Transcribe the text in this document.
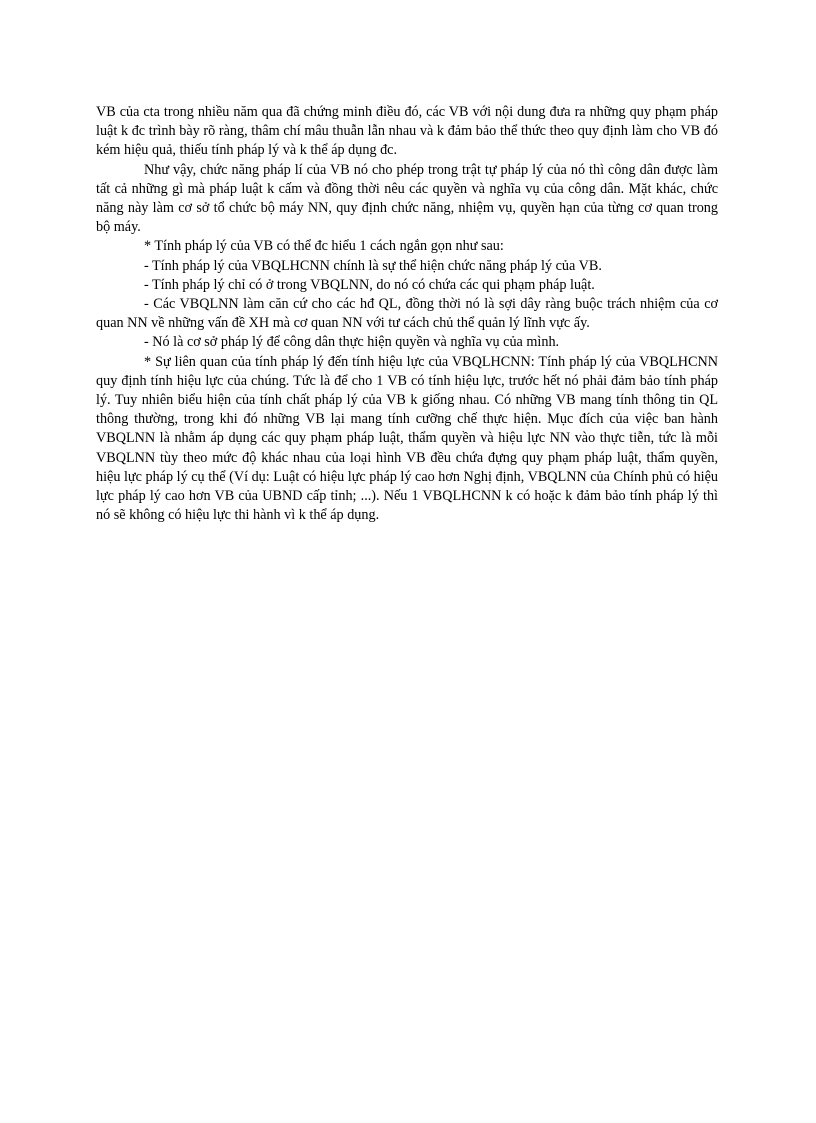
VB của cta trong nhiều năm qua đã chứng minh điều đó, các VB với nội dung đưa ra những quy phạm pháp luật k đc trình bày rõ ràng, thâm chí mâu thuẫn lẫn nhau và k đảm bảo thể thức theo quy định làm cho VB đó kém hiệu quả, thiếu tính pháp lý và k thể áp dụng đc.

Như vậy, chức năng pháp lí của VB nó cho phép trong trật tự pháp lý của nó thì công dân được làm tất cả những gì mà pháp luật k cấm và đồng thời nêu các quyền và nghĩa vụ của công dân. Mặt khác, chức năng này làm cơ sở tổ chức bộ máy NN, quy định chức năng, nhiệm vụ, quyền hạn của từng cơ quan trong bộ máy.

* Tính pháp lý của VB có thể đc hiểu 1 cách ngắn gọn như sau:

- Tính pháp lý của VBQLHCNN chính là sự thể hiện chức năng pháp lý của VB.

- Tính pháp lý chỉ có ở trong VBQLNN, do nó có chứa các qui phạm pháp luật.

- Các VBQLNN làm căn cứ cho các hđ QL, đồng thời nó là sợi dây ràng buộc trách nhiệm của cơ quan NN về những vấn đề XH mà cơ quan NN với tư cách chủ thể quản lý lĩnh vực ấy.

- Nó là cơ sở pháp lý để công dân thực hiện quyền và nghĩa vụ của mình.

* Sự liên quan của tính pháp lý đến tính hiệu lực của VBQLHCNN: Tính pháp lý của VBQLHCNN quy định tính hiệu lực của chúng. Tức là để cho 1 VB có tính hiệu lực, trước hết nó phải đảm bảo tính pháp lý. Tuy nhiên biểu hiện của tính chất pháp lý của VB k giống nhau. Có những VB mang tính thông tin QL thông thường, trong khi đó những VB lại mang tính cưỡng chế thực hiện. Mục đích của việc ban hành VBQLNN là nhằm áp dụng các quy phạm pháp luật, thẩm quyền và hiệu lực NN vào thực tiễn, tức là mỗi VBQLNN tùy theo mức độ khác nhau của loại hình VB đều chứa đựng quy phạm pháp luật, thẩm quyền, hiệu lực pháp lý cụ thể (Ví dụ: Luật có hiệu lực pháp lý cao hơn Nghị định, VBQLNN của Chính phủ có hiệu lực pháp lý cao hơn VB của UBND cấp tỉnh; ...). Nếu 1 VBQLHCNN k có hoặc k đảm bảo tính pháp lý thì nó sẽ không có hiệu lực thi hành vì k thể áp dụng.
